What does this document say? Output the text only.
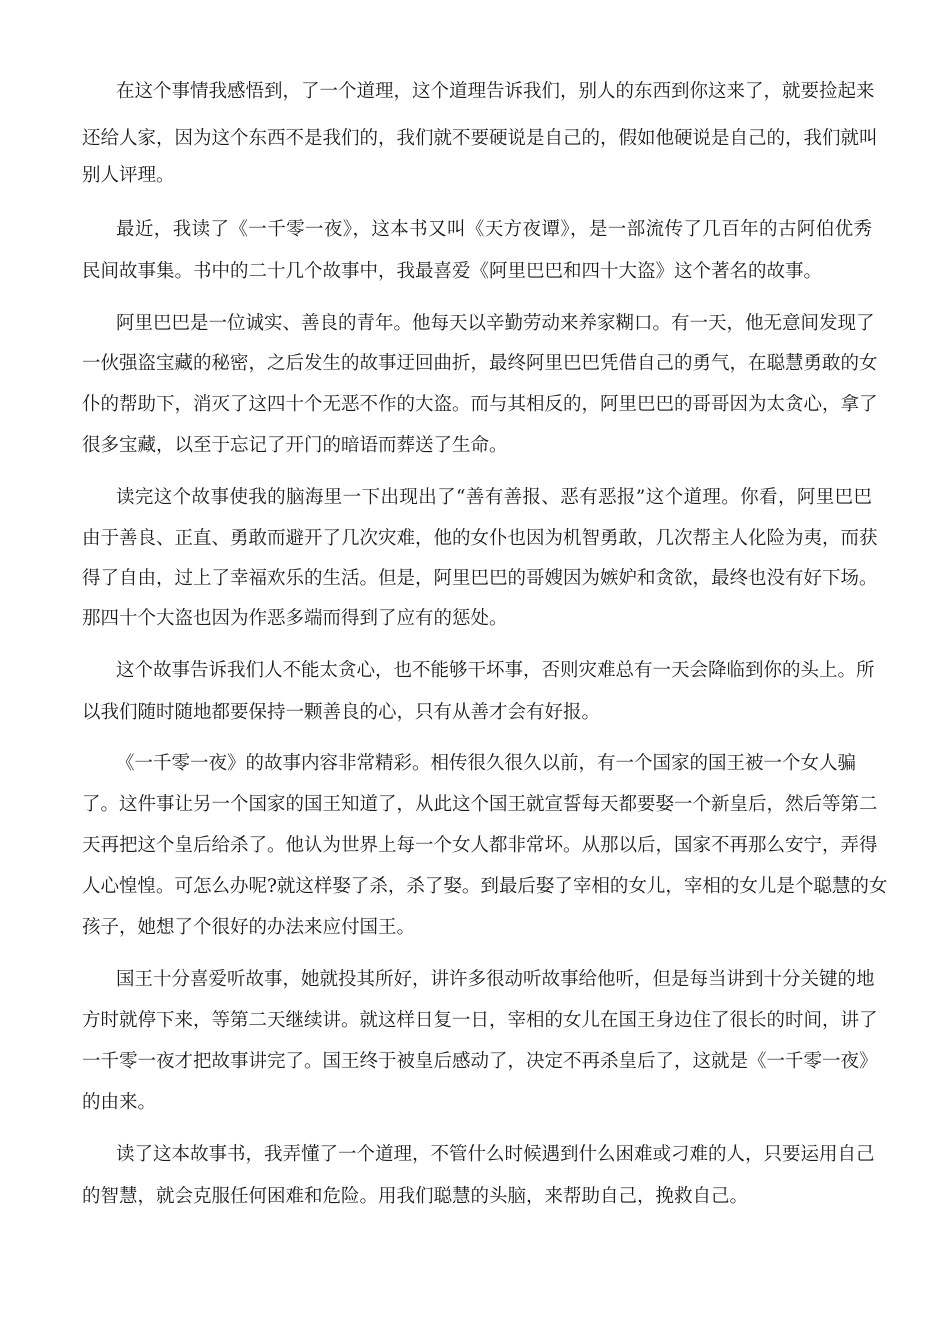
在这个事情我感悟到，了一个道理，这个道理告诉我们，别人的东西到你这来了，就要捡起来
还给人家，因为这个东西不是我们的，我们就不要硬说是自己的，假如他硬说是自己的，我们就叫
别人评理。
最近，我读了《一千零一夜》，这本书又叫《天方夜谭》，是一部流传了几百年的古阿伯优秀
民间故事集。书中的二十几个故事中，我最喜爱《阿里巴巴和四十大盗》这个著名的故事。
阿里巴巴是一位诚实、善良的青年。他每天以辛勤劳动来养家糊口。有一天，他无意间发现了
一伙强盗宝藏的秘密，之后发生的故事迂回曲折，最终阿里巴巴凭借自己的勇气，在聪慧勇敢的女
仆的帮助下，消灭了这四十个无恶不作的大盗。而与其相反的，阿里巴巴的哥哥因为太贪心，拿了
很多宝藏，以至于忘记了开门的暗语而葬送了生命。
读完这个故事使我的脑海里一下出现出了“善有善报、恶有恶报”这个道理。你看，阿里巴巴
由于善良、正直、勇敢而避开了几次灾难，他的女仆也因为机智勇敢，几次帮主人化险为夷，而获
得了自由，过上了幸福欢乐的生活。但是，阿里巴巴的哥嫂因为嫉妒和贪欲，最终也没有好下场。
那四十个大盗也因为作恶多端而得到了应有的惩处。
这个故事告诉我们人不能太贪心，也不能够干坏事，否则灾难总有一天会降临到你的头上。所
以我们随时随地都要保持一颗善良的心，只有从善才会有好报。
《一千零一夜》的故事内容非常精彩。相传很久很久以前，有一个国家的国王被一个女人骗
了。这件事让另一个国家的国王知道了，从此这个国王就宣誓每天都要娶一个新皇后，然后等第二
天再把这个皇后给杀了。他认为世界上每一个女人都非常坏。从那以后，国家不再那么安宁，弄得
人心惶惶。可怎么办呢?就这样娶了杀，杀了娶。到最后娶了宰相的女儿，宰相的女儿是个聪慧的女
孩子，她想了个很好的办法来应付国王。
国王十分喜爱听故事，她就投其所好，讲许多很动听故事给他听，但是每当讲到十分关键的地
方时就停下来，等第二天继续讲。就这样日复一日，宰相的女儿在国王身边住了很长的时间，讲了
一千零一夜才把故事讲完了。国王终于被皇后感动了，决定不再杀皇后了，这就是《一千零一夜》
的由来。
读了这本故事书，我弄懂了一个道理，不管什么时候遇到什么困难或刁难的人，只要运用自己
的智慧，就会克服任何困难和危险。用我们聪慧的头脑，来帮助自己，挽救自己。
